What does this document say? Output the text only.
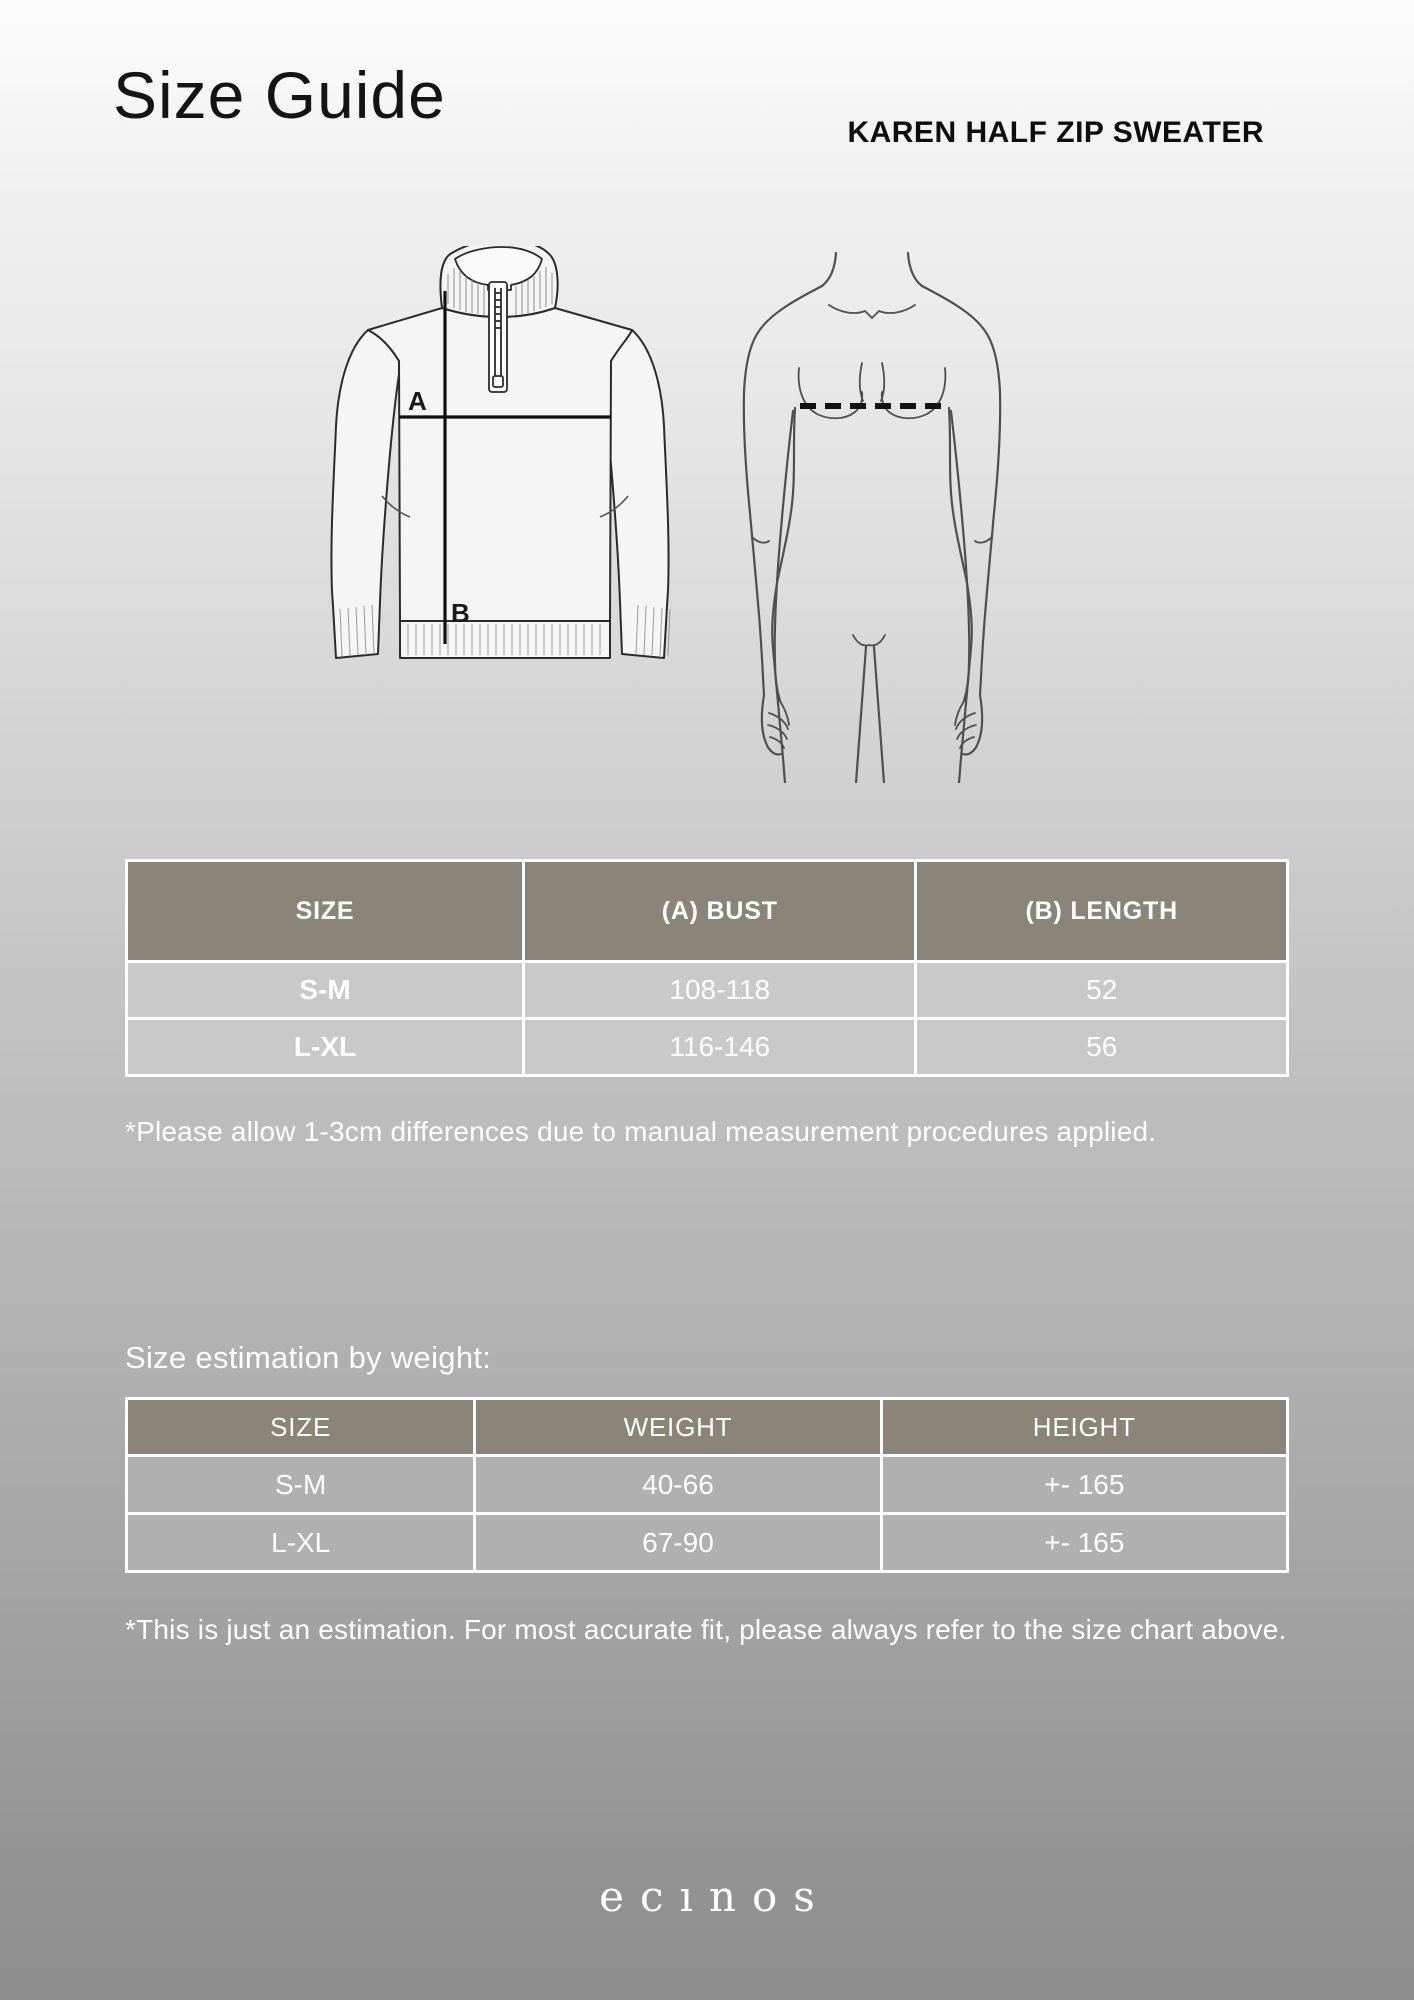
Size Guide
KAREN HALF ZIP SWEATER
A
B
SIZE	(A) BUST	(B) LENGTH
S-M	108-118	52
L-XL	116-146	56

*Please allow 1-3cm differences due to manual measurement procedures applied.

Size estimation by weight:
SIZE	WEIGHT	HEIGHT
S-M	40-66	+- 165
L-XL	67-90	+- 165

*This is just an estimation. For most accurate fit, please always refer to the size chart above.

ecınos
